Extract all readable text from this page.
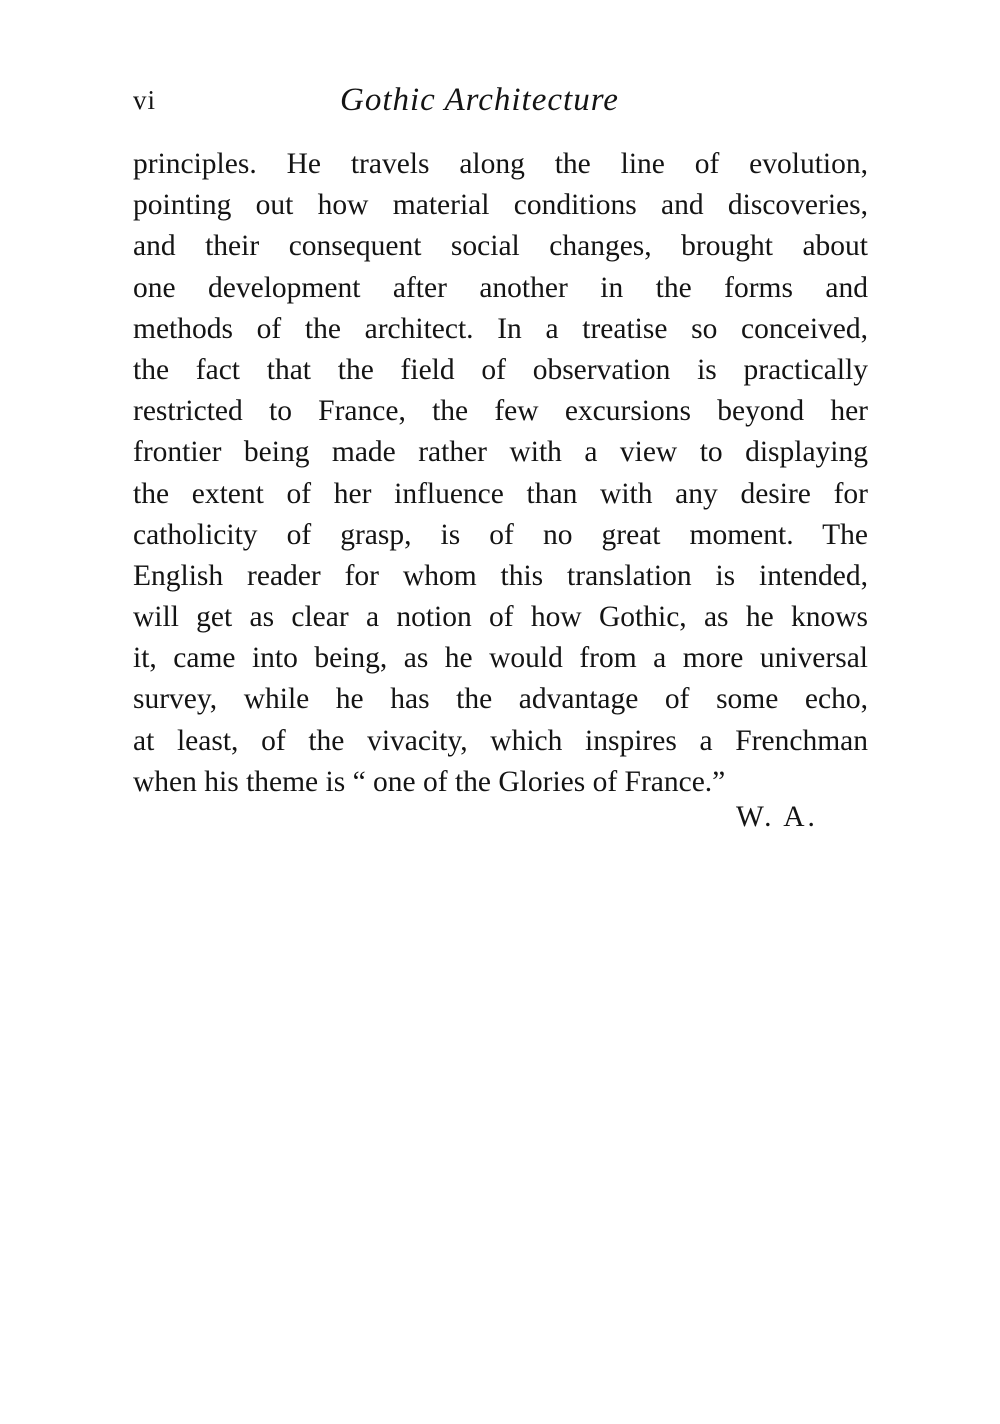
vi	Gothic Architecture
principles. He travels along the line of evolution,
pointing out how material conditions and discoveries,
and their consequent social changes, brought about
one development after another in the forms and
methods of the architect. In a treatise so conceived,
the fact that the field of observation is practically
restricted to France, the few excursions beyond her
frontier being made rather with a view to displaying
the extent of her influence than with any desire for
catholicity of grasp, is of no great moment. The
English reader for whom this translation is intended,
will get as clear a notion of how Gothic, as he knows
it, came into being, as he would from a more universal
survey, while he has the advantage of some echo,
at least, of the vivacity, which inspires a Frenchman
when his theme is “ one of the Glories of France.”
W. A.
